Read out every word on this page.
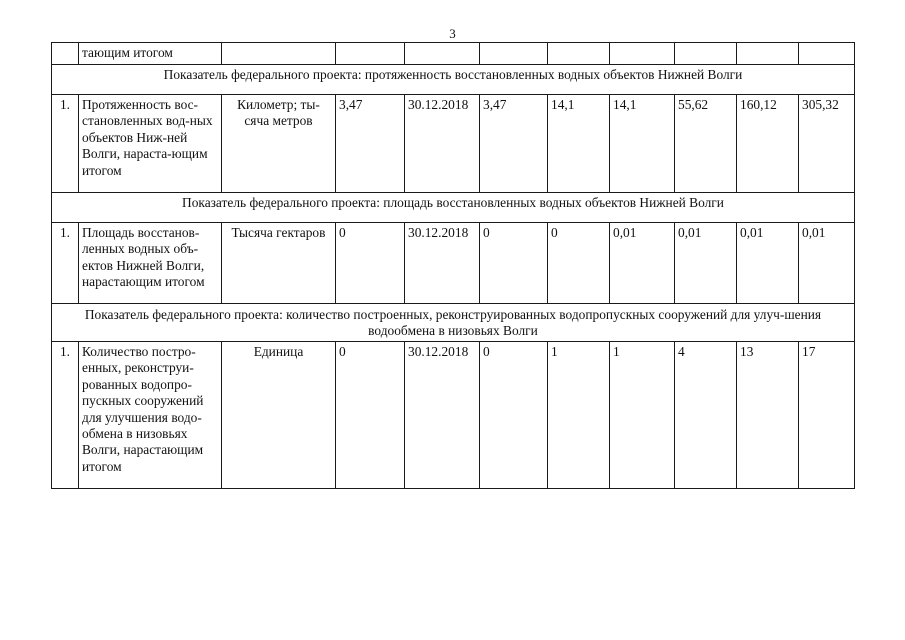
3
	тающим итогом									
Показатель федерального проекта: протяженность восстановленных водных объектов Нижней Волги										
1.	Протяженность вос-становленных вод-ных объектов Ниж-ней Волги, нараста-ющим итогом	Километр; ты-сяча метров	3,47	30.12.2018	3,47	14,1	14,1	55,62	160,12	305,32
Показатель федерального проекта: площадь восстановленных водных объектов Нижней Волги										
1.	Площадь восстанов-ленных водных объ-ектов Нижней Волги, нарастающим итогом	Тысяча гектаров	0	30.12.2018	0	0	0,01	0,01	0,01	0,01
Показатель федерального проекта: количество построенных, реконструированных водопропускных сооружений для улуч-шения водообмена в низовьях Волги										
1.	Количество постро-енных, реконструи-рованных водопро-пускных сооружений для улучшения водо-обмена в низовьях Волги, нарастающим итогом	Единица	0	30.12.2018	0	1	1	4	13	17
